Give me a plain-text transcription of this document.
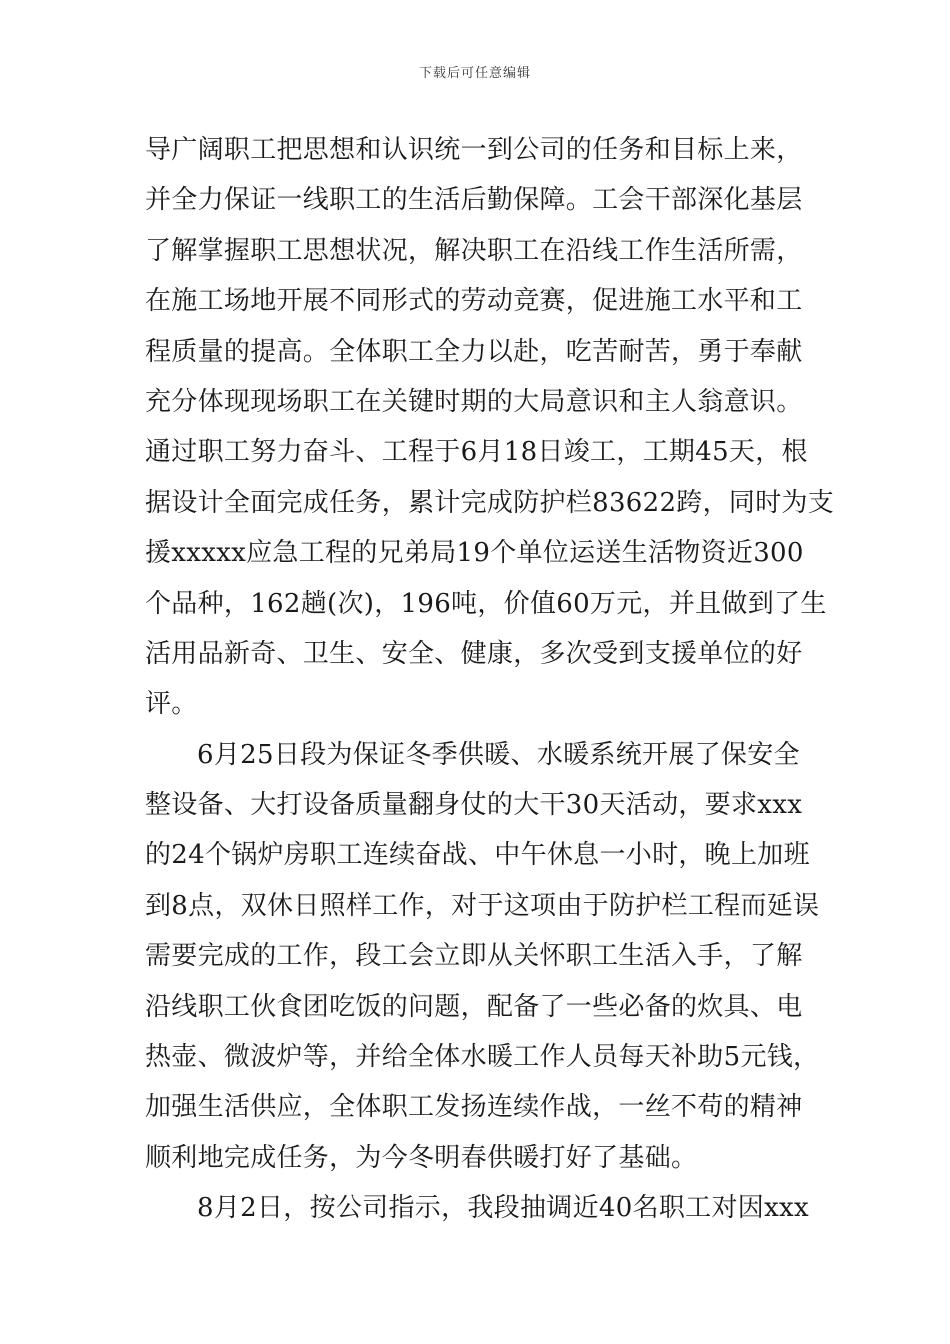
下载后可任意编辑
导广阔职工把思想和认识统一到公司的任务和目标上来，
并全力保证一线职工的生活后勤保障。工会干部深化基层
了解掌握职工思想状况，解决职工在沿线工作生活所需，
在施工场地开展不同形式的劳动竞赛，促进施工水平和工
程质量的提高。全体职工全力以赴，吃苦耐苦，勇于奉献
充分体现现场职工在关键时期的大局意识和主人翁意识。
通过职工努力奋斗、工程于6月18日竣工，工期45天，根
据设计全面完成任务，累计完成防护栏83622跨，同时为支
援xxxxx应急工程的兄弟局19个单位运送生活物资近300
个品种，162趟(次)，196吨，价值60万元，并且做到了生
活用品新奇、卫生、安全、健康，多次受到支援单位的好
评。
6月25日段为保证冬季供暖、水暖系统开展了保安全
整设备、大打设备质量翻身仗的大干30天活动，要求xxx
的24个锅炉房职工连续奋战、中午休息一小时，晚上加班
到8点，双休日照样工作，对于这项由于防护栏工程而延误
需要完成的工作，段工会立即从关怀职工生活入手，了解
沿线职工伙食团吃饭的问题，配备了一些必备的炊具、电
热壶、微波炉等，并给全体水暖工作人员每天补助5元钱，
加强生活供应，全体职工发扬连续作战，一丝不苟的精神
顺利地完成任务，为今冬明春供暖打好了基础。
8月2日，按公司指示，我段抽调近40名职工对因xxx
